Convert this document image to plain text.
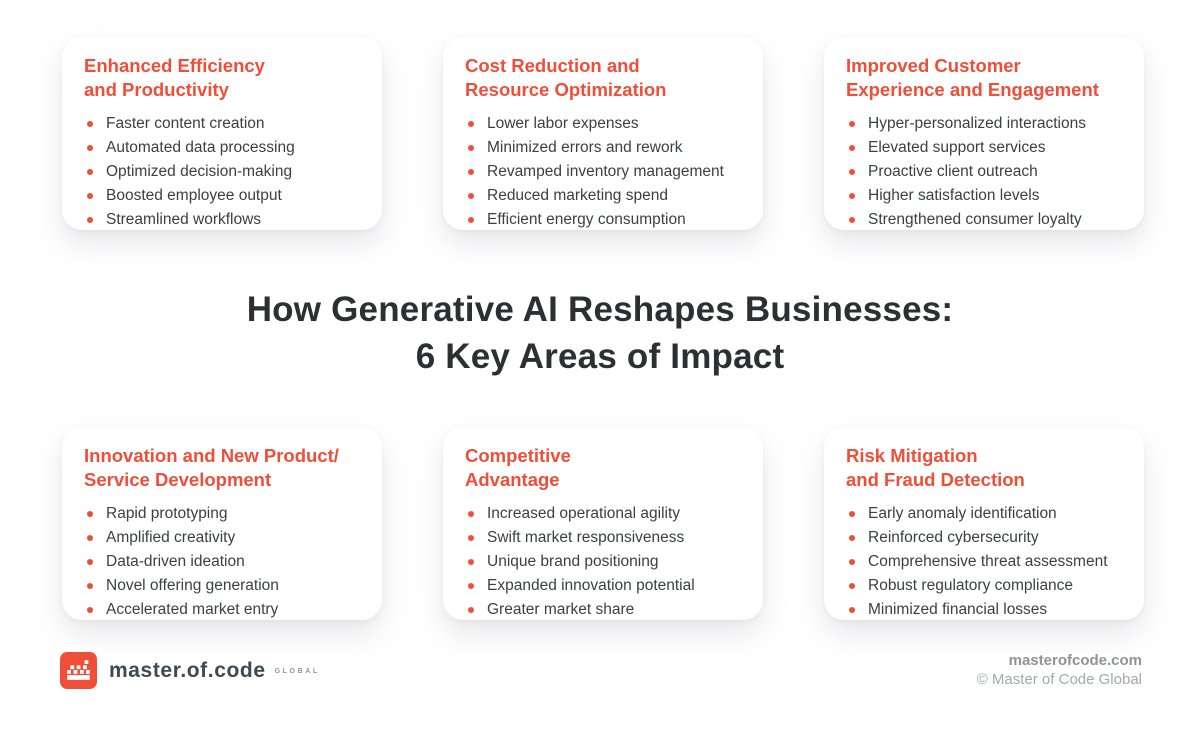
Enhanced Efficiency
and Productivity
Faster content creation
Automated data processing
Optimized decision-making
Boosted employee output
Streamlined workflows
Cost Reduction and
Resource Optimization
Lower labor expenses
Minimized errors and rework
Revamped inventory management
Reduced marketing spend
Efficient energy consumption
Improved Customer
Experience and Engagement
Hyper-personalized interactions
Elevated support services
Proactive client outreach
Higher satisfaction levels
Strengthened consumer loyalty
How Generative AI Reshapes Businesses:
6 Key Areas of Impact
Innovation and New Product/
Service Development
Rapid prototyping
Amplified creativity
Data-driven ideation
Novel offering generation
Accelerated market entry
Competitive
Advantage
Increased operational agility
Swift market responsiveness
Unique brand positioning
Expanded innovation potential
Greater market share
Risk Mitigation
and Fraud Detection
Early anomaly identification
Reinforced cybersecurity
Comprehensive threat assessment
Robust regulatory compliance
Minimized financial losses
master.of.code GLOBAL
masterofcode.com
© Master of Code Global
